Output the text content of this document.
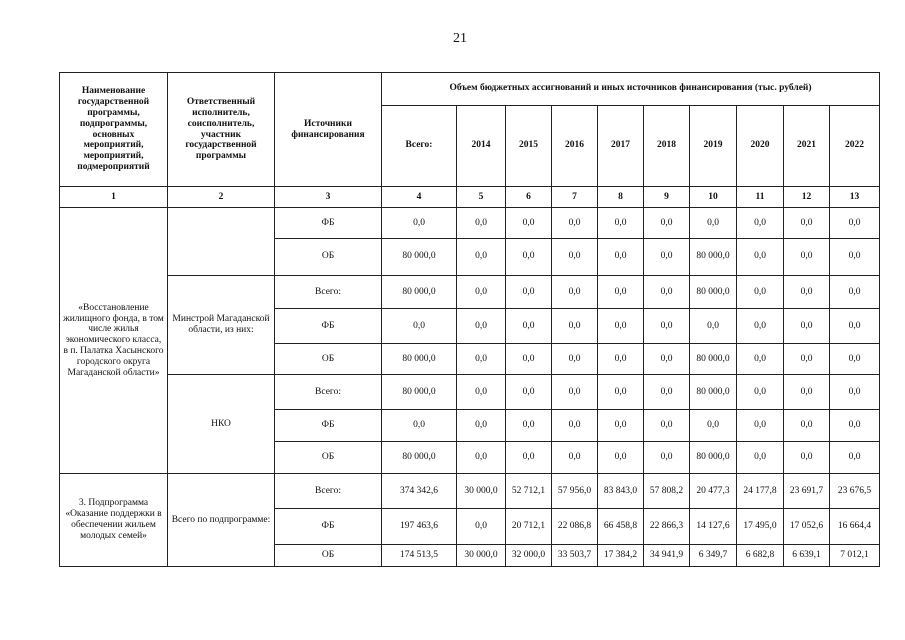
21
Наименование государственной программы, подпрограммы, основных мероприятий, мероприятий, подмероприятий	Ответственный исполнитель, соисполнитель, участник государственной программы	Источники финансирования	Объем бюджетных ассигнований и иных источников финансирования (тыс. рублей)									
			Всего:	2014	2015	2016	2017	2018	2019	2020	2021	2022
1	2	3	4	5	6	7	8	9	10	11	12	13
«Восстановление жилищного фонда, в том числе жилья экономического класса, в п. Палатка Хасынского городского округа Магаданской области»		ФБ	0,0	0,0	0,0	0,0	0,0	0,0	0,0	0,0	0,0	0,0
		ОБ	80 000,0	0,0	0,0	0,0	0,0	0,0	80 000,0	0,0	0,0	0,0
	Минстрой Магаданской области, из них:	Всего:	80 000,0	0,0	0,0	0,0	0,0	0,0	80 000,0	0,0	0,0	0,0
		ФБ	0,0	0,0	0,0	0,0	0,0	0,0	0,0	0,0	0,0	0,0
		ОБ	80 000,0	0,0	0,0	0,0	0,0	0,0	80 000,0	0,0	0,0	0,0
	НКО	Всего:	80 000,0	0,0	0,0	0,0	0,0	0,0	80 000,0	0,0	0,0	0,0
		ФБ	0,0	0,0	0,0	0,0	0,0	0,0	0,0	0,0	0,0	0,0
		ОБ	80 000,0	0,0	0,0	0,0	0,0	0,0	80 000,0	0,0	0,0	0,0
3. Подпрограмма «Оказание поддержки в обеспечении жильем молодых семей»	Всего по подпрограмме:	Всего:	374 342,6	30 000,0	52 712,1	57 956,0	83 843,0	57 808,2	20 477,3	24 177,8	23 691,7	23 676,5
		ФБ	197 463,6	0,0	20 712,1	22 086,8	66 458,8	22 866,3	14 127,6	17 495,0	17 052,6	16 664,4
		ОБ	174 513,5	30 000,0	32 000,0	33 503,7	17 384,2	34 941,9	6 349,7	6 682,8	6 639,1	7 012,1
